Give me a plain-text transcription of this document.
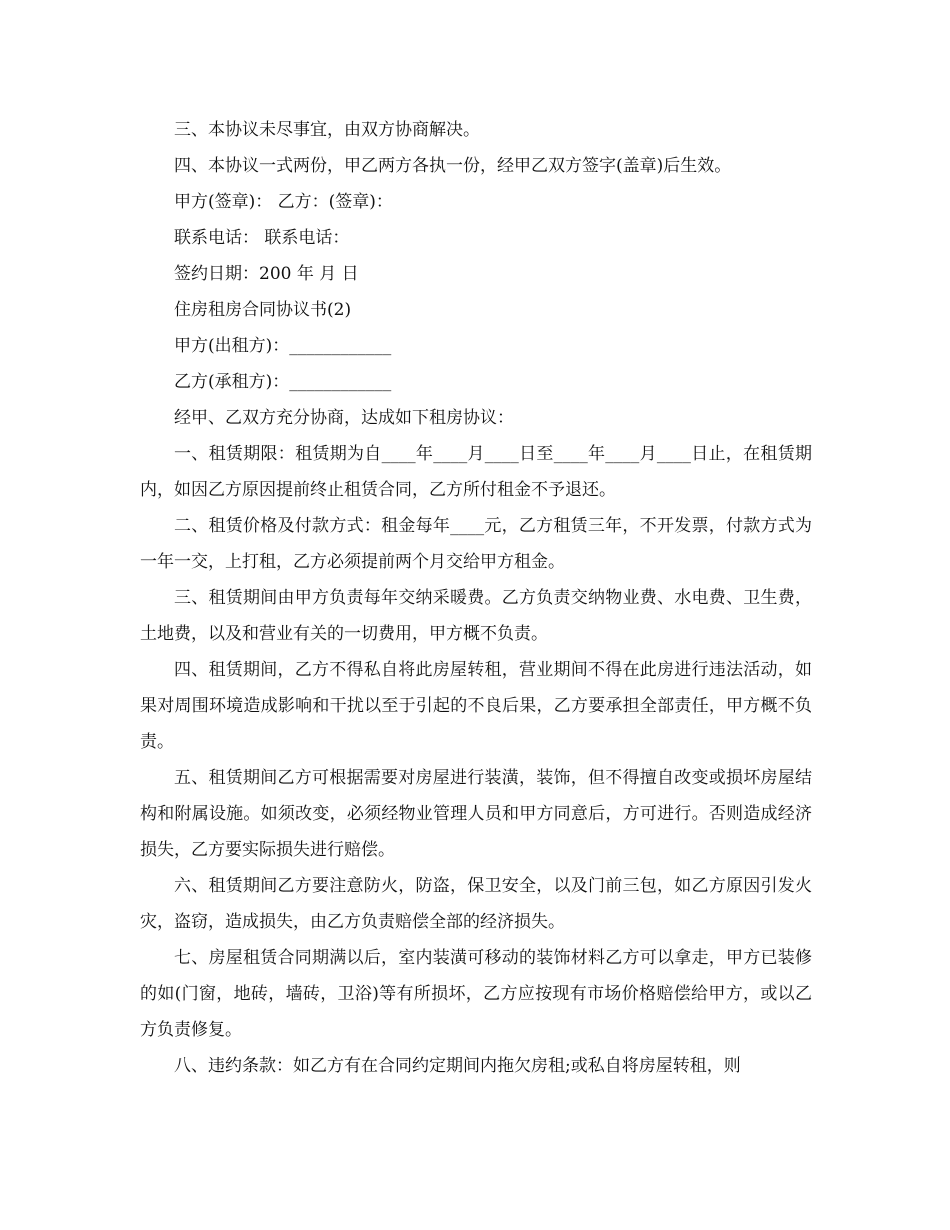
三、本协议未尽事宜，由双方协商解决。
四、本协议一式两份，甲乙两方各执一份，经甲乙双方签字(盖章)后生效。
甲方(签章)： 乙方：(签章)：
联系电话： 联系电话：
签约日期：200 年 月 日
住房租房合同协议书(2)
甲方(出租方)：____________
乙方(承租方)：____________
经甲、乙双方充分协商，达成如下租房协议：

一、租赁期限：租赁期为自____年____月____日至____年____月____日止，在租赁期内，如因乙方原因提前终止租赁合同，乙方所付租金不予退还。

二、租赁价格及付款方式：租金每年____元，乙方租赁三年，不开发票，付款方式为一年一交，上打租，乙方必须提前两个月交给甲方租金。

三、租赁期间由甲方负责每年交纳采暖费。乙方负责交纳物业费、水电费、卫生费，土地费，以及和营业有关的一切费用，甲方概不负责。

四、租赁期间，乙方不得私自将此房屋转租，营业期间不得在此房进行违法活动，如果对周围环境造成影响和干扰以至于引起的不良后果，乙方要承担全部责任，甲方概不负责。

五、租赁期间乙方可根据需要对房屋进行装潢，装饰，但不得擅自改变或损坏房屋结构和附属设施。如须改变，必须经物业管理人员和甲方同意后，方可进行。否则造成经济损失，乙方要实际损失进行赔偿。

六、租赁期间乙方要注意防火，防盗，保卫安全，以及门前三包，如乙方原因引发火灾，盗窃，造成损失，由乙方负责赔偿全部的经济损失。

七、房屋租赁合同期满以后，室内装潢可移动的装饰材料乙方可以拿走，甲方已装修的如(门窗，地砖，墙砖，卫浴)等有所损坏，乙方应按现有市场价格赔偿给甲方，或以乙方负责修复。

八、违约条款：如乙方有在合同约定期间内拖欠房租;或私自将房屋转租，则
